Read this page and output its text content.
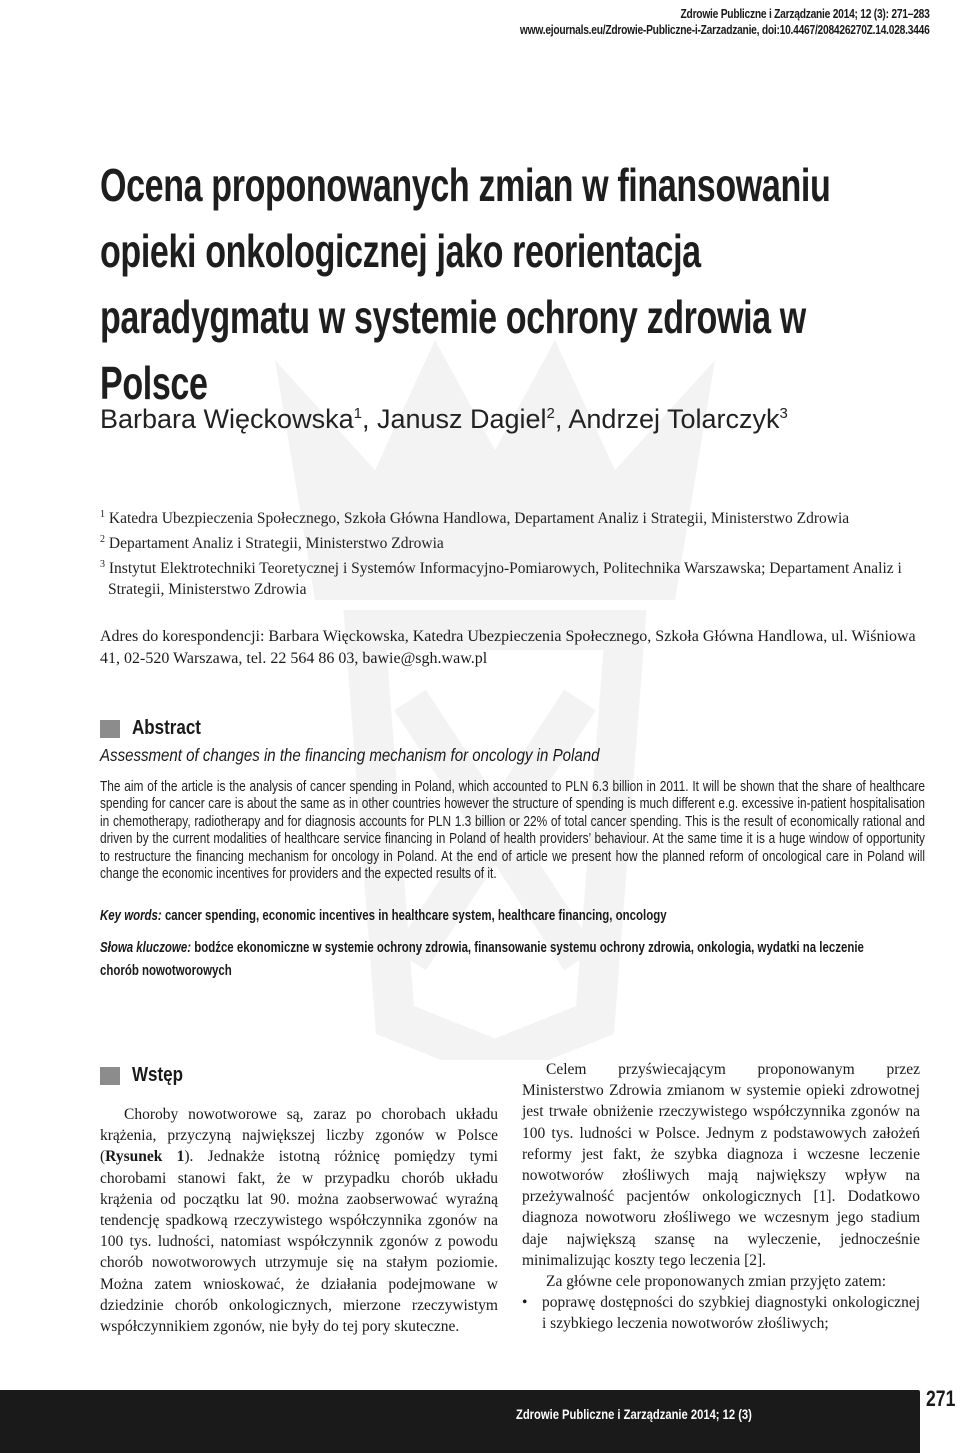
Zdrowie Publiczne i Zarządzanie 2014; 12 (3): 271–283
www.ejournals.eu/Zdrowie-Publiczne-i-Zarzadzanie, doi:10.4467/208426270Z.14.028.3446
Ocena proponowanych zmian w finansowaniu opieki onkologicznej jako reorientacja paradygmatu w systemie ochrony zdrowia w Polsce
Barbara Więckowska$^1$, Janusz Dagiel$^2$, Andrzej Tolarczyk$^3$

$^1$ Katedra Ubezpieczenia Społecznego, Szkoła Główna Handlowa, Departament Analiz i Strategii, Ministerstwo Zdrowia

$^2$ Departament Analiz i Strategii, Ministerstwo Zdrowia

$^3$ Instytut Elektrotechniki Teoretycznej i Systemów Informacyjno-Pomiarowych, Politechnika Warszawska; Departament Analiz i Strategii, Ministerstwo Zdrowia

Adres do korespondencji: Barbara Więckowska, Katedra Ubezpieczenia Społecznego, Szkoła Główna Handlowa, ul. Wiśniowa 41, 02-520 Warszawa, tel. 22 564 86 03, bawie@sgh.waw.pl
Abstract
Assessment of changes in the financing mechanism for oncology in Poland
The aim of the article is the analysis of cancer spending in Poland, which accounted to PLN 6.3 billion in 2011. It will be shown that the share of healthcare spending for cancer care is about the same as in other countries however the structure of spending is much different e.g. excessive in-patient hospitalisation in chemotherapy, radiotherapy and for diagnosis accounts for PLN 1.3 billion or 22% of total cancer spending. This is the result of economically rational and driven by the current modalities of healthcare service financing in Poland of health providers’ behaviour. At the same time it is a huge window of opportunity to restructure the financing mechanism for oncology in Poland. At the end of article we present how the planned reform of oncological care in Poland will change the economic incentives for providers and the expected results of it.
Key words: cancer spending, economic incentives in healthcare system, healthcare financing, oncology
Słowa kluczowe: bodźce ekonomiczne w systemie ochrony zdrowia, finansowanie systemu ochrony zdrowia, onkologia, wydatki na leczenie chorób nowotworowych
Wstęp

Choroby nowotworowe są, zaraz po chorobach układu krążenia, przyczyną największej liczby zgonów w Polsce (Rysunek 1). Jednakże istotną różnicę pomiędzy tymi chorobami stanowi fakt, że w przypadku chorób układu krążenia od początku lat 90. można zaobserwować wyraźną tendencję spadkową rzeczywistego współczynnika zgonów na 100 tys. ludności, natomiast współczynnik zgonów z powodu chorób nowotworowych utrzymuje się na stałym poziomie. Można zatem wnioskować, że działania podejmowane w dziedzinie chorób onkologicznych, mierzone rzeczywistym współczynnikiem zgonów, nie były do tej pory skuteczne.

Celem przyświecającym proponowanym przez Ministerstwo Zdrowia zmianom w systemie opieki zdrowotnej jest trwałe obniżenie rzeczywistego współczynnika zgonów na 100 tys. ludności w Polsce. Jednym z podstawowych założeń reformy jest fakt, że szybka diagnoza i wczesne leczenie nowotworów złośliwych mają największy wpływ na przeżywalność pacjentów onkologicznych [1]. Dodatkowo diagnoza nowotworu złośliwego we wczesnym jego stadium daje największą szansę na wyleczenie, jednocześnie minimalizując koszty tego leczenia [2].

Za główne cele proponowanych zmian przyjęto zatem:

• poprawę dostępności do szybkiej diagnostyki onkologicznej i szybkiego leczenia nowotworów złośliwych;
Zdrowie Publiczne i Zarządzanie 2014; 12 (3)
271
